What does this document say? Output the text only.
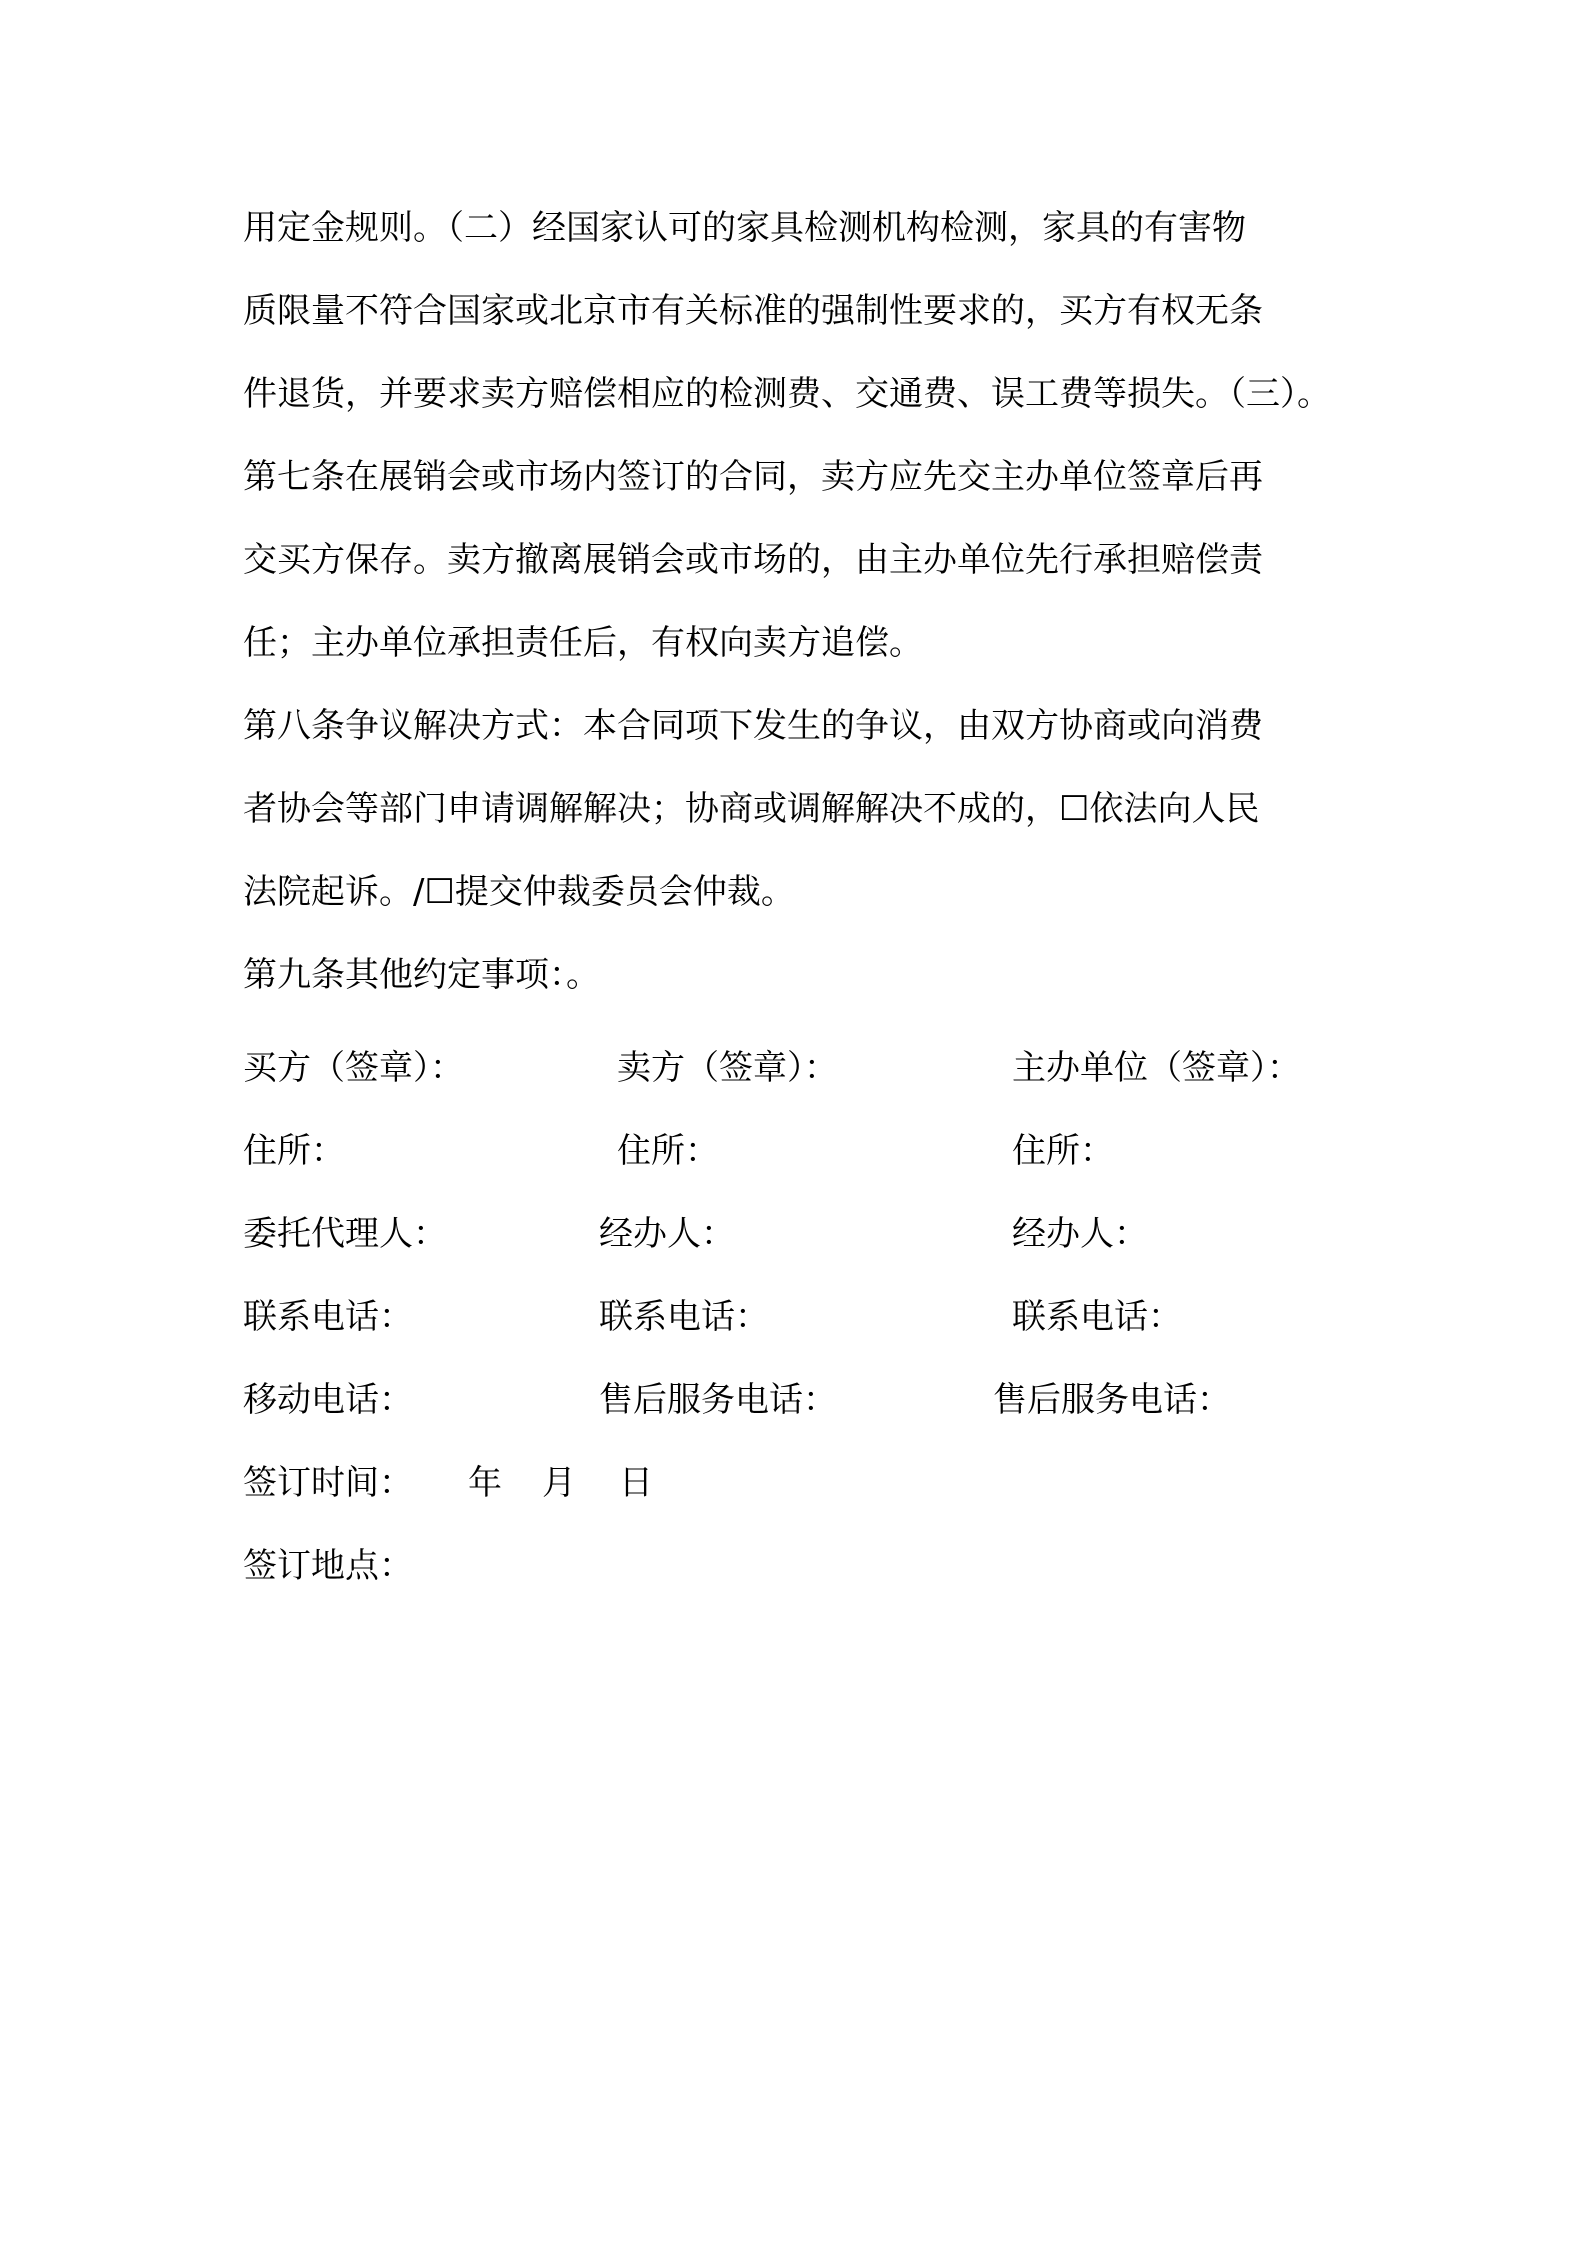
用定金规则。（二）经国家认可的家具检测机构检测，家具的有害物
质限量不符合国家或北京市有关标准的强制性要求的，买方有权无条
件退货，并要求卖方赔偿相应的检测费、交通费、误工费等损失。（三）。
第七条在展销会或市场内签订的合同，卖方应先交主办单位签章后再
交买方保存。卖方撤离展销会或市场的，由主办单位先行承担赔偿责
任；主办单位承担责任后，有权向卖方追偿。
第八条争议解决方式：本合同项下发生的争议，由双方协商或向消费
者协会等部门申请调解解决；协商或调解解决不成的，☐依法向人民
法院起诉。/☐提交仲裁委员会仲裁。
第九条其他约定事项：。
买方（签章）：	卖方（签章）：	主办单位（签章）：
住所：	住所：	住所：
委托代理人：	经办人：	经办人：
联系电话：	联系电话：	联系电话：
移动电话：	售后服务电话：	售后服务电话：
签订时间： 年 月 日
签订地点：
